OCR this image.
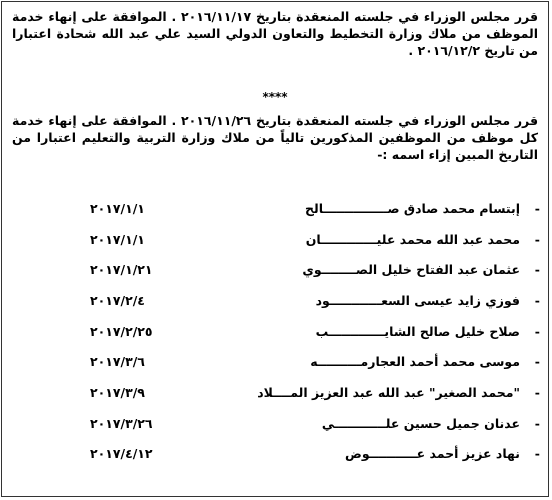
قرر مجلس الوزراء في جلسته المنعقدة بتاريخ ٢٠١٦/١١/١٧ . الموافقة على إنهاء خدمة الموظف من ملاك وزارة التخطيط والتعاون الدولي السيد علي عبد الله شحادة اعتبارا من تاريخ ٢٠١٦/١٢/٢ .
****
قرر مجلس الوزراء في جلسته المنعقدة بتاريخ ٢٠١٦/١١/٢٦ . الموافقة على إنهاء خدمة كل موظف من الموظفين المذكورين تالياً من ملاك وزارة التربية والتعليم اعتبارا من التاريخ المبين إزاء اسمه :-
-
إبتسام محمد صادق صـــــــــــــــالح
٢٠١٧/١/١
-
محمد عبد الله محمد عليـــــــــــــان
٢٠١٧/١/١
-
عثمان عبد الفتاح خليل الصــــــــوي
٢٠١٧/١/٢١
-
فوزي زايد عيسى السعــــــــــــود
٢٠١٧/٢/٤
-
صلاح خليل صالح الشايـــــــــــــب
٢٠١٧/٢/٢٥
-
موسى محمد أحمد العجارمــــــــــه
٢٠١٧/٣/٦
-
"محمد الصغير" عبد الله عبد العزيز المــــلاد
٢٠١٧/٣/٩
-
عدنان جميل حسين علــــــــــــي
٢٠١٧/٣/٢٦
-
نهاد عزيز أحمد عـــــــــــوض
٢٠١٧/٤/١٢
